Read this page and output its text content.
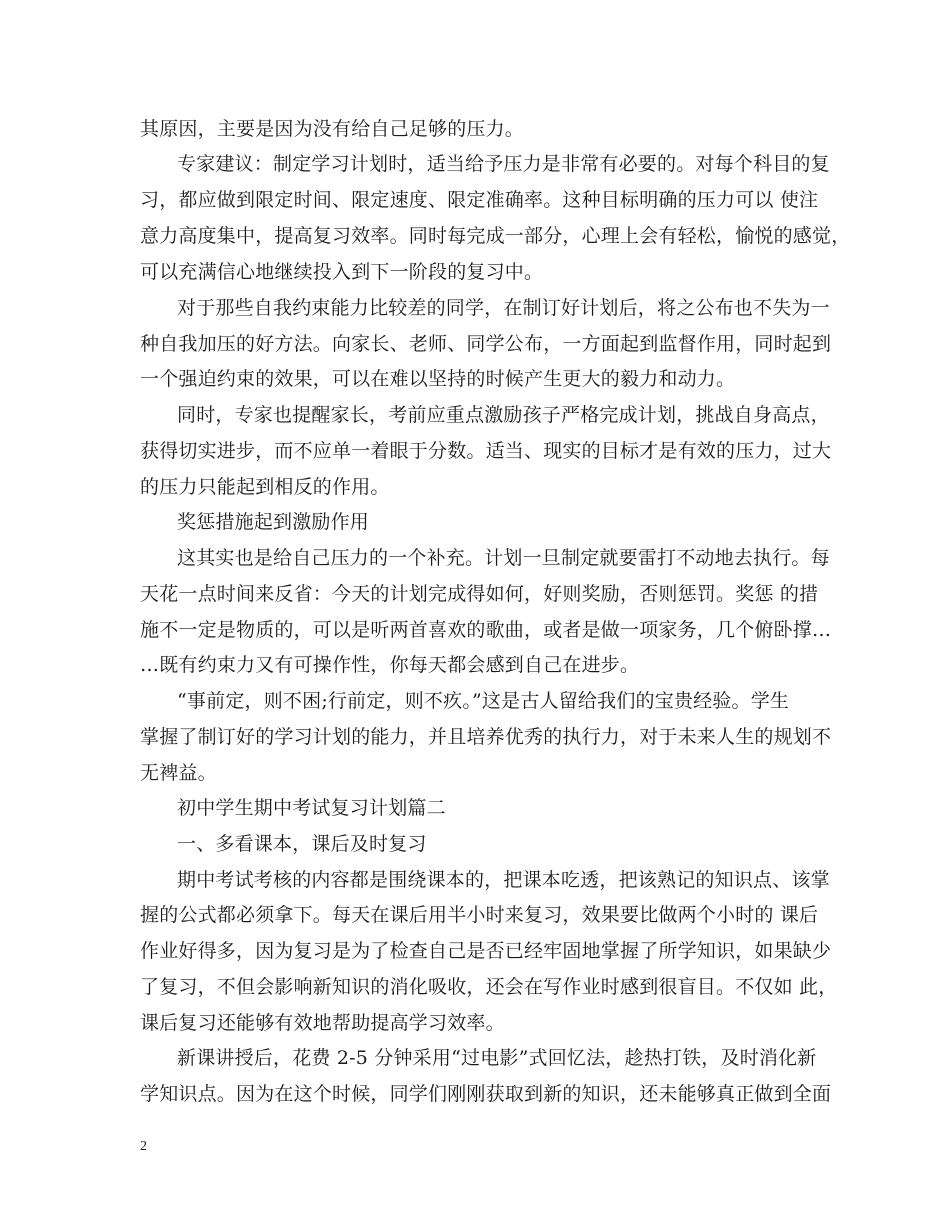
其原因，主要是因为没有给自己足够的压力。
专家建议：制定学习计划时，适当给予压力是非常有必要的。对每个科目的复
习，都应做到限定时间、限定速度、限定准确率。这种目标明确的压力可以 使注
意力高度集中，提高复习效率。同时每完成一部分，心理上会有轻松，愉悦的感觉，
可以充满信心地继续投入到下一阶段的复习中。
对于那些自我约束能力比较差的同学，在制订好计划后，将之公布也不失为一
种自我加压的好方法。向家长、老师、同学公布，一方面起到监督作用，同时起到
一个强迫约束的效果，可以在难以坚持的时候产生更大的毅力和动力。
同时，专家也提醒家长，考前应重点激励孩子严格完成计划，挑战自身高点，
获得切实进步，而不应单一着眼于分数。适当、现实的目标才是有效的压力，过大
的压力只能起到相反的作用。
奖惩措施起到激励作用
这其实也是给自己压力的一个补充。计划一旦制定就要雷打不动地去执行。每
天花一点时间来反省：今天的计划完成得如何，好则奖励，否则惩罚。奖惩 的措
施不一定是物质的，可以是听两首喜欢的歌曲，或者是做一项家务，几个俯卧撑…
…既有约束力又有可操作性，你每天都会感到自己在进步。
“事前定，则不困;行前定，则不疚。”这是古人留给我们的宝贵经验。学生
掌握了制订好的学习计划的能力，并且培养优秀的执行力，对于未来人生的规划不
无裨益。
初中学生期中考试复习计划篇二
一、多看课本，课后及时复习
期中考试考核的内容都是围绕课本的，把课本吃透，把该熟记的知识点、该掌
握的公式都必须拿下。每天在课后用半小时来复习，效果要比做两个小时的 课后
作业好得多，因为复习是为了检查自己是否已经牢固地掌握了所学知识，如果缺少
了复习，不但会影响新知识的消化吸收，还会在写作业时感到很盲目。不仅如 此，
课后复习还能够有效地帮助提高学习效率。
新课讲授后，花费 2-5 分钟采用“过电影”式回忆法，趁热打铁，及时消化新
学知识点。因为在这个时候，同学们刚刚获取到新的知识，还未能够真正做到全面
2
